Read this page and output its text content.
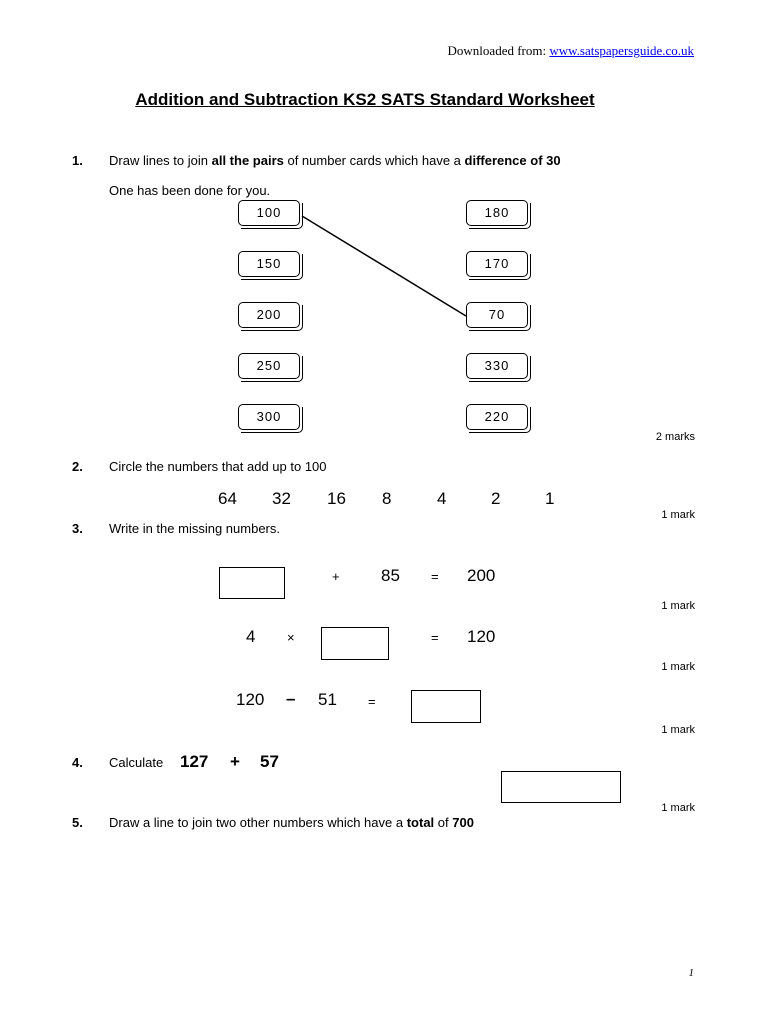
Downloaded from: www.satspapersguide.co.uk
Addition and Subtraction KS2 SATS Standard Worksheet
1. Draw lines to join all the pairs of number cards which have a difference of 30
One has been done for you.
100
150
200
250
300
180
170
70
330
220
2 marks
2. Circle the numbers that add up to 100
64 32 16 8	4	2	1
1 mark
3. Write in the missing numbers.
+ 85 = 200
1 mark
4 ×	= 120
1 mark
120 – 51 =
1 mark
4. Calculate 127 + 57
1 mark
5. Draw a line to join two other numbers which have a total of 700
1
